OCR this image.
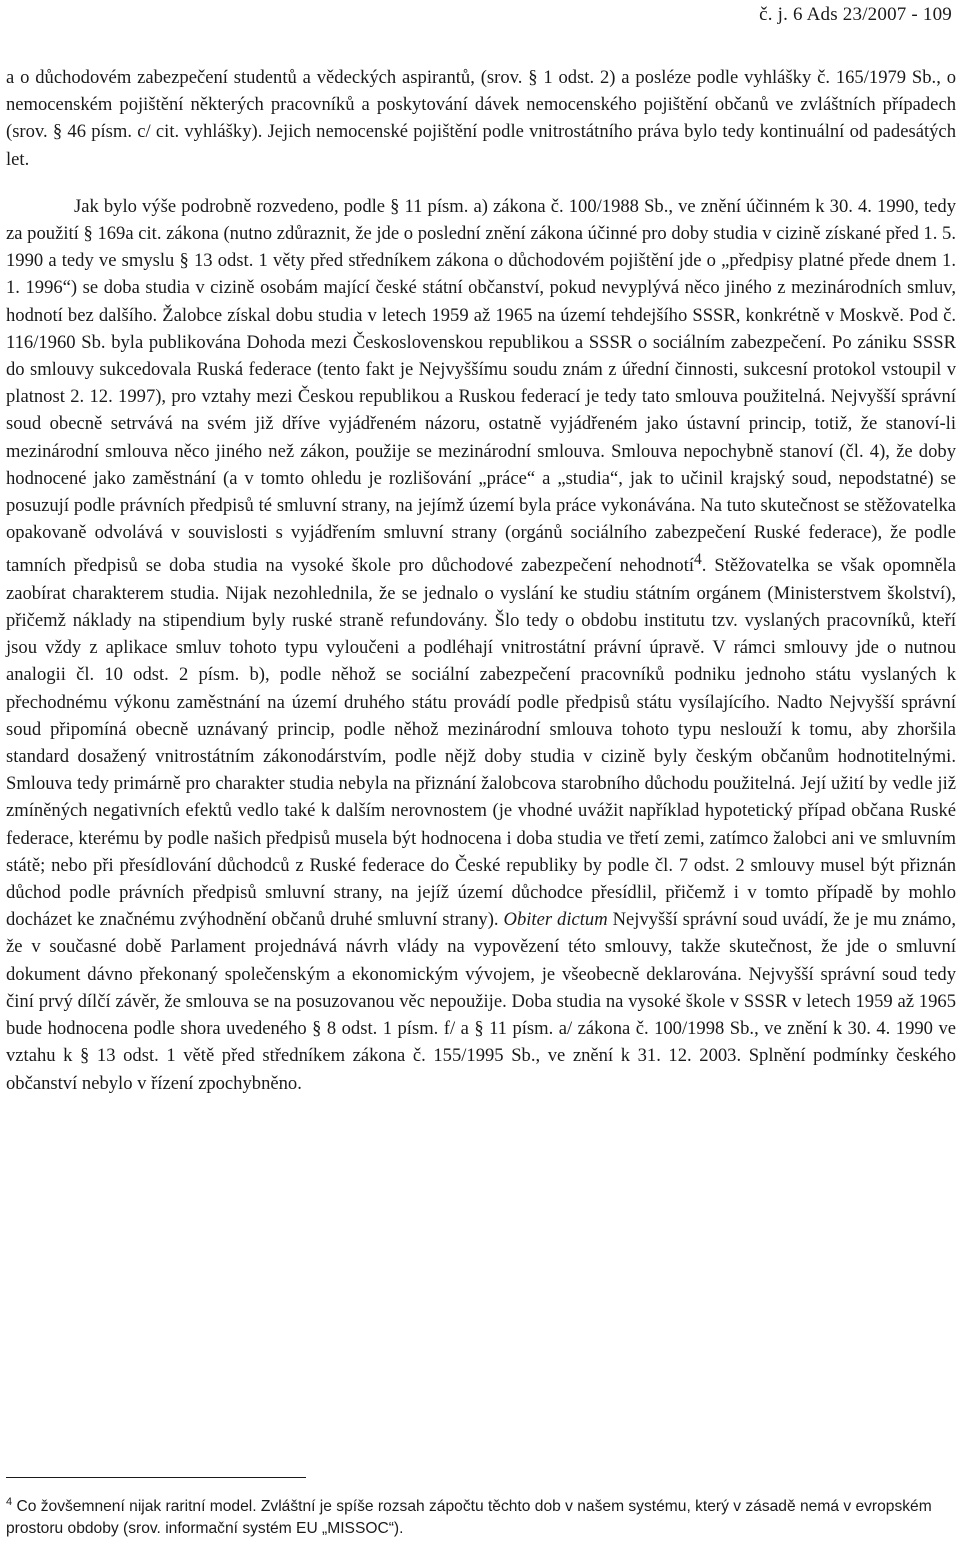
č. j. 6 Ads 23/2007 - 109

a o důchodovém zabezpečení studentů a vědeckých aspirantů, (srov. § 1 odst. 2) a posléze podle vyhlášky č. 165/1979 Sb., o nemocenském pojištění některých pracovníků a poskytování dávek nemocenského pojištění občanů ve zvláštních případech (srov. § 46 písm. c/ cit. vyhlášky). Jejich nemocenské pojištění podle vnitrostátního práva bylo tedy kontinuální od padesátých let.

Jak bylo výše podrobně rozvedeno, podle § 11 písm. a) zákona č. 100/1988 Sb., ve znění účinném k 30. 4. 1990, tedy za použití § 169a cit. zákona (nutno zdůraznit, že jde o poslední znění zákona účinné pro doby studia v cizině získané před 1. 5. 1990 a tedy ve smyslu § 13 odst. 1 věty před středníkem zákona o důchodovém pojištění jde o „předpisy platné přede dnem 1. 1. 1996“) se doba studia v cizině osobám mající české státní občanství, pokud nevyplývá něco jiného z mezinárodních smluv, hodnotí bez dalšího. Žalobce získal dobu studia v letech 1959 až 1965 na území tehdejšího SSSR, konkrétně v Moskvě. Pod č. 116/1960 Sb. byla publikována Dohoda mezi Československou republikou a SSSR o sociálním zabezpečení. Po zániku SSSR do smlouvy sukcedovala Ruská federace (tento fakt je Nejvyššímu soudu znám z úřední činnosti, sukcesní protokol vstoupil v platnost 2. 12. 1997), pro vztahy mezi Českou republikou a Ruskou federací je tedy tato smlouva použitelná. Nejvyšší správní soud obecně setrvává na svém již dříve vyjádřeném názoru, ostatně vyjádřeném jako ústavní princip, totiž, že stanoví-li mezinárodní smlouva něco jiného než zákon, použije se mezinárodní smlouva. Smlouva nepochybně stanoví (čl. 4), že doby hodnocené jako zaměstnání (a v tomto ohledu je rozlišování „práce“ a „studia“, jak to učinil krajský soud, nepodstatné) se posuzují podle právních předpisů té smluvní strany, na jejímž území byla práce vykonávána. Na tuto skutečnost se stěžovatelka opakovaně odvolává v souvislosti s vyjádřením smluvní strany (orgánů sociálního zabezpečení Ruské federace), že podle tamních předpisů se doba studia na vysoké škole pro důchodové zabezpečení nehodnotí$^4$. Stěžovatelka se však opomněla zaobírat charakterem studia. Nijak nezohlednila, že se jednalo o vyslání ke studiu státním orgánem (Ministerstvem školství), přičemž náklady na stipendium byly ruské straně refundovány. Šlo tedy o obdobu institutu tzv. vyslaných pracovníků, kteří jsou vždy z aplikace smluv tohoto typu vyloučeni a podléhají vnitrostátní právní úpravě. V rámci smlouvy jde o nutnou analogii čl. 10 odst. 2 písm. b), podle něhož se sociální zabezpečení pracovníků podniku jednoho státu vyslaných k přechodnému výkonu zaměstnání na území druhého státu provádí podle předpisů státu vysílajícího. Nadto Nejvyšší správní soud připomíná obecně uznávaný princip, podle něhož mezinárodní smlouva tohoto typu neslouží k tomu, aby zhoršila standard dosažený vnitrostátním zákonodárstvím, podle nějž doby studia v cizině byly českým občanům hodnotitelnými. Smlouva tedy primárně pro charakter studia nebyla na přiznání žalobcova starobního důchodu použitelná. Její užití by vedle již zmíněných negativních efektů vedlo také k dalším nerovnostem (je vhodné uvážit například hypotetický případ občana Ruské federace, kterému by podle našich předpisů musela být hodnocena i doba studia ve třetí zemi, zatímco žalobci ani ve smluvním státě; nebo při přesídlování důchodců z Ruské federace do České republiky by podle čl. 7 odst. 2 smlouvy musel být přiznán důchod podle právních předpisů smluvní strany, na jejíž území důchodce přesídlil, přičemž i v tomto případě by mohlo docházet ke značnému zvýhodnění občanů druhé smluvní strany). Obiter dictum Nejvyšší správní soud uvádí, že je mu známo, že v současné době Parlament projednává návrh vlády na vypovězení této smlouvy, takže skutečnost, že jde o smluvní dokument dávno překonaný společenským a ekonomickým vývojem, je všeobecně deklarována. Nejvyšší správní soud tedy činí prvý dílčí závěr, že smlouva se na posuzovanou věc nepoužije. Doba studia na vysoké škole v SSSR v letech 1959 až 1965 bude hodnocena podle shora uvedeného § 8 odst. 1 písm. f/ a § 11 písm. a/ zákona č. 100/1998 Sb., ve znění k 30. 4. 1990 ve vztahu k § 13 odst. 1 větě před středníkem zákona č. 155/1995 Sb., ve znění k 31. 12. 2003. Splnění podmínky českého občanství nebylo v řízení zpochybněno.

$^4$ Co žovšemnení nijak raritní model. Zvláštní je spíše rozsah zápočtu těchto dob v našem systému, který v zásadě nemá v evropském prostoru obdoby (srov. informační systém EU „MISSOC“).
